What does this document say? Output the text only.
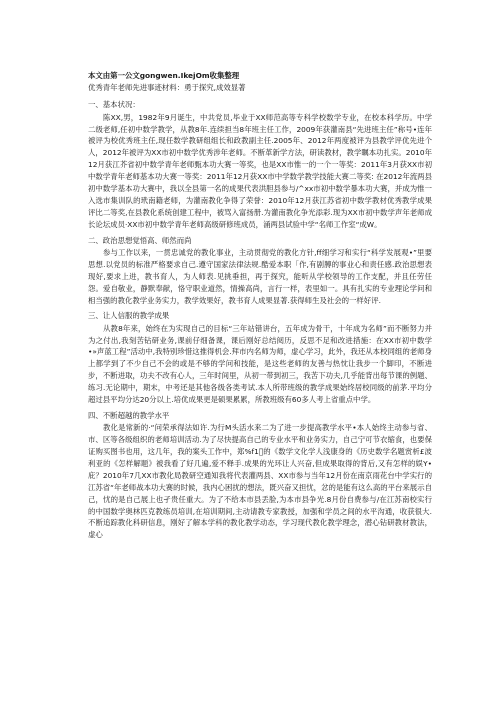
本文由第一公文gongwen.IkejOm收集整理

优秀青年老师先进事迹材料：勇于探究,成效显著

一、基本状况：

陈XX,男，1982年9月诞生，中共党员,毕业于XX师范高等专科学校数学专业，在校本科学历。中学二级老师,任初中数学教学，从教8年.连续担当8年班主任工作，2009年获灌南县“先进班主任”称号•连年被评为校优秀班主任,现任数学教研组组长和政教副主任.2005年、2012年两度被评为县教学评优先进个人，2012年被评为XX市初中数学优秀涉年老师。不断革新学方法，研读教材，教学瞩本功扎实。2010年12月获江芥省初中数学青年老师甄本功大赛一等奖，也是XX市惟一的一个一等奖：2011年3月获XX市初中数学青年老师基本功大赛一等奖：2011年12月获XX市中学数学教学技能大赛二等奖: 在2012年流两县初中数学基本功大赛中，我以全县第一名的成果代表洪胆县参与/^xx市初中数学暴本功大赛，并成为惟一入选市集训队的玳南籍老师，为灌南教化争得了荣誉：2010年12月获江苏省初中数学教材优秀教学成果评比二等奖,在县教化系统创建工程中，被骂入富扬册.为灌南教化争光添彩.现为XX市初中数学声年老师成长论坛成员·XX市初中数学青年老师高级研修班成员，涌两县试验中学“名师工作室“成W。

二、政治思想觉悟高、师然而尚

参与工作以来，一贯忠诚党的教化事业，主动贯彻党的教化方针,ff细学习和实行“科学发展观•”里要思想.以党员的标准严格要求自己.遵守国家法律法规.酷爱本职「作,有剧膊的事业心和责任感.政治思想表现好,要求上进，教书育人，为人师表.见挑垂担，再于探究，能听从学校领导的工作支配，并且任劳任怨。爱自敬业，静默奉献，恪守职业道然，情操高尚，言行一样，表里如一。具有扎实的专业理论学问和相当强的教化教学业务实力，教学效果好，教书育人成果显著.获得师生及社会的一样好评.

三、让人信服的教学成果

从教8年来，始终在为实现自己的目标“三年站错讲台，五年成为骨干，十年成为名师”而不断努力并为之付出,我刻苦钻研业务,课前仔细备课，课后刚好总结阅历，反思不足和改进措施：在XX市初中数学•»声蓝工程”活动中,我特别珍惜这推得机会.拜市内名师为师，虚心学习，此外，我还从本校同组的老师身上都学到了不少自己不会的或是不够的学问和技能，是这些老师的友善与热忱让我步一个脚印，不断进步，不断进取，功夫不改有心人，三年时间里，从初一带到初三，我苦下功夫,几乎能背出每节课的例题、练习.无论期中，期末，中考还是其他各级各类考试.本人所带班级的教学成果始终居校同级的前茅.平均分超过县平均分达20分以上.培优成果更是硕果累累，所教班级有60多人考上省重点中学。

四、不断超越的教学水平

教化是常新的·“问荣承得法如许.为行M头活水来二为了进一步提高教学水平•本人始终主动参与省、市、区等各级组织的老师培训活动.为了尽快提高自己的专业水平和业务实力，自己宁可节衣缩食，也要保证购买图书也用，这几年，我的案头工作中，郑%f1⃝的《数学文化学人浅康身的《历史数学名题赏析£波利亚的《怎样解题》被我看了好几遍,爱不释手.成果的光环让人兴奋,但成果取得的背后,又有怎样的娱Y•庇？2010年7几XX市教化局教研空通知我将代表灌两县、XX市参与当年12月份在南京雨花台中学实行的江苏省“年老师战本功大赛的时候，我内心困扰的想法，既兴奋又担忧，忿的是能有这么高的平台来展示自己，忧的是自己展上也孑贵任重大。为了不给本市县丢脸,为本市县争光.8月份自费参与/在江苏南校实行的中国数学奥林匹克教练员培训,在培训期间,主动请教专家教授，加强和学员之间的水平沟通，收获很大.不断追踪教化科研信息，刚好了解本学科的教化教学动态，学习现代教化教学理念，潜心钻研教材教法，虚心
